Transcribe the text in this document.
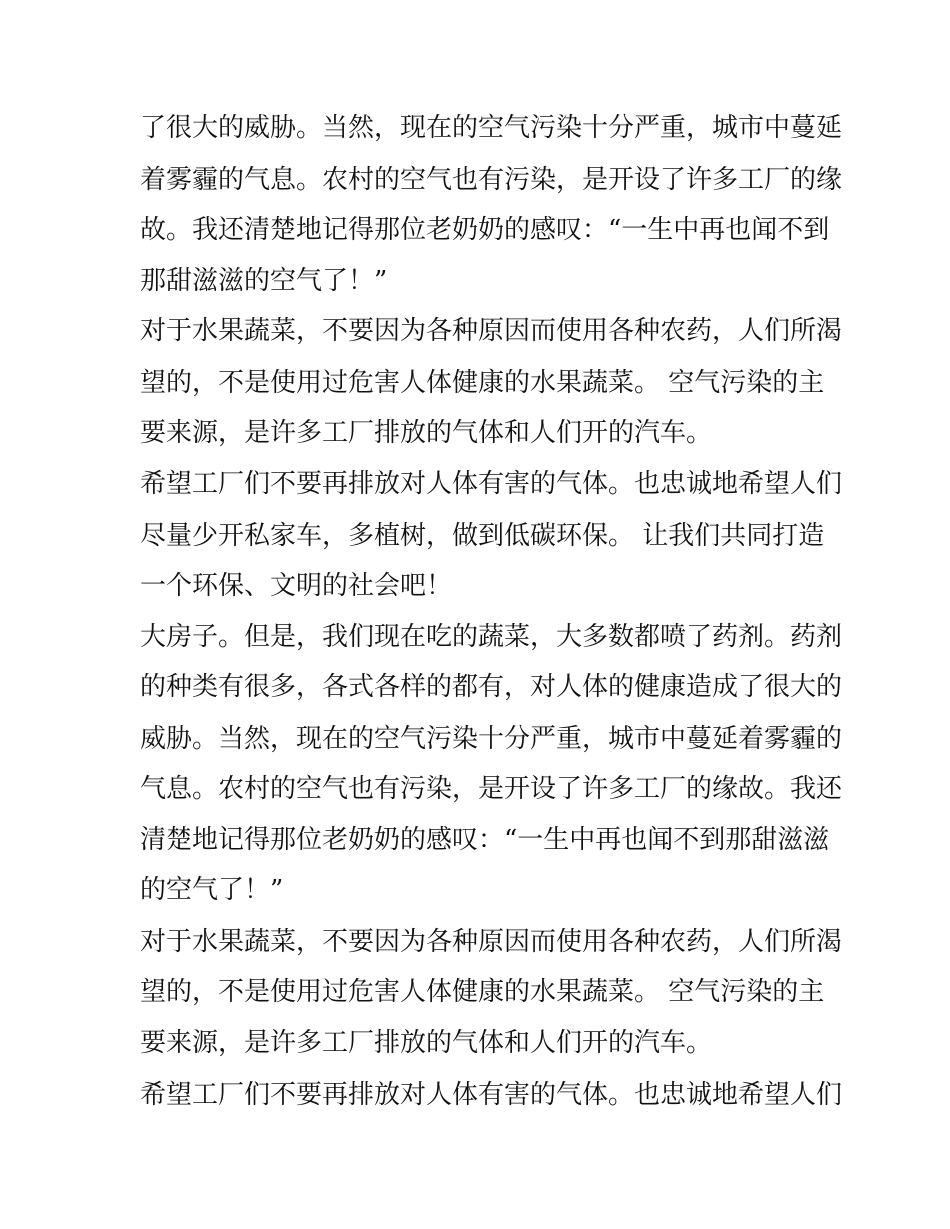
了很大的威胁。当然，现在的空气污染十分严重，城市中蔓延
着雾霾的气息。农村的空气也有污染，是开设了许多工厂的缘
故。我还清楚地记得那位老奶奶的感叹：“一生中再也闻不到
那甜滋滋的空气了！”
对于水果蔬菜，不要因为各种原因而使用各种农药，人们所渴
望的，不是使用过危害人体健康的水果蔬菜。 空气污染的主
要来源，是许多工厂排放的气体和人们开的汽车。
希望工厂们不要再排放对人体有害的气体。也忠诚地希望人们
尽量少开私家车，多植树，做到低碳环保。 让我们共同打造
一个环保、文明的社会吧！
大房子。但是，我们现在吃的蔬菜，大多数都喷了药剂。药剂
的种类有很多，各式各样的都有，对人体的健康造成了很大的
威胁。当然，现在的空气污染十分严重，城市中蔓延着雾霾的
气息。农村的空气也有污染，是开设了许多工厂的缘故。我还
清楚地记得那位老奶奶的感叹：“一生中再也闻不到那甜滋滋
的空气了！”
对于水果蔬菜，不要因为各种原因而使用各种农药，人们所渴
望的，不是使用过危害人体健康的水果蔬菜。 空气污染的主
要来源，是许多工厂排放的气体和人们开的汽车。
希望工厂们不要再排放对人体有害的气体。也忠诚地希望人们
